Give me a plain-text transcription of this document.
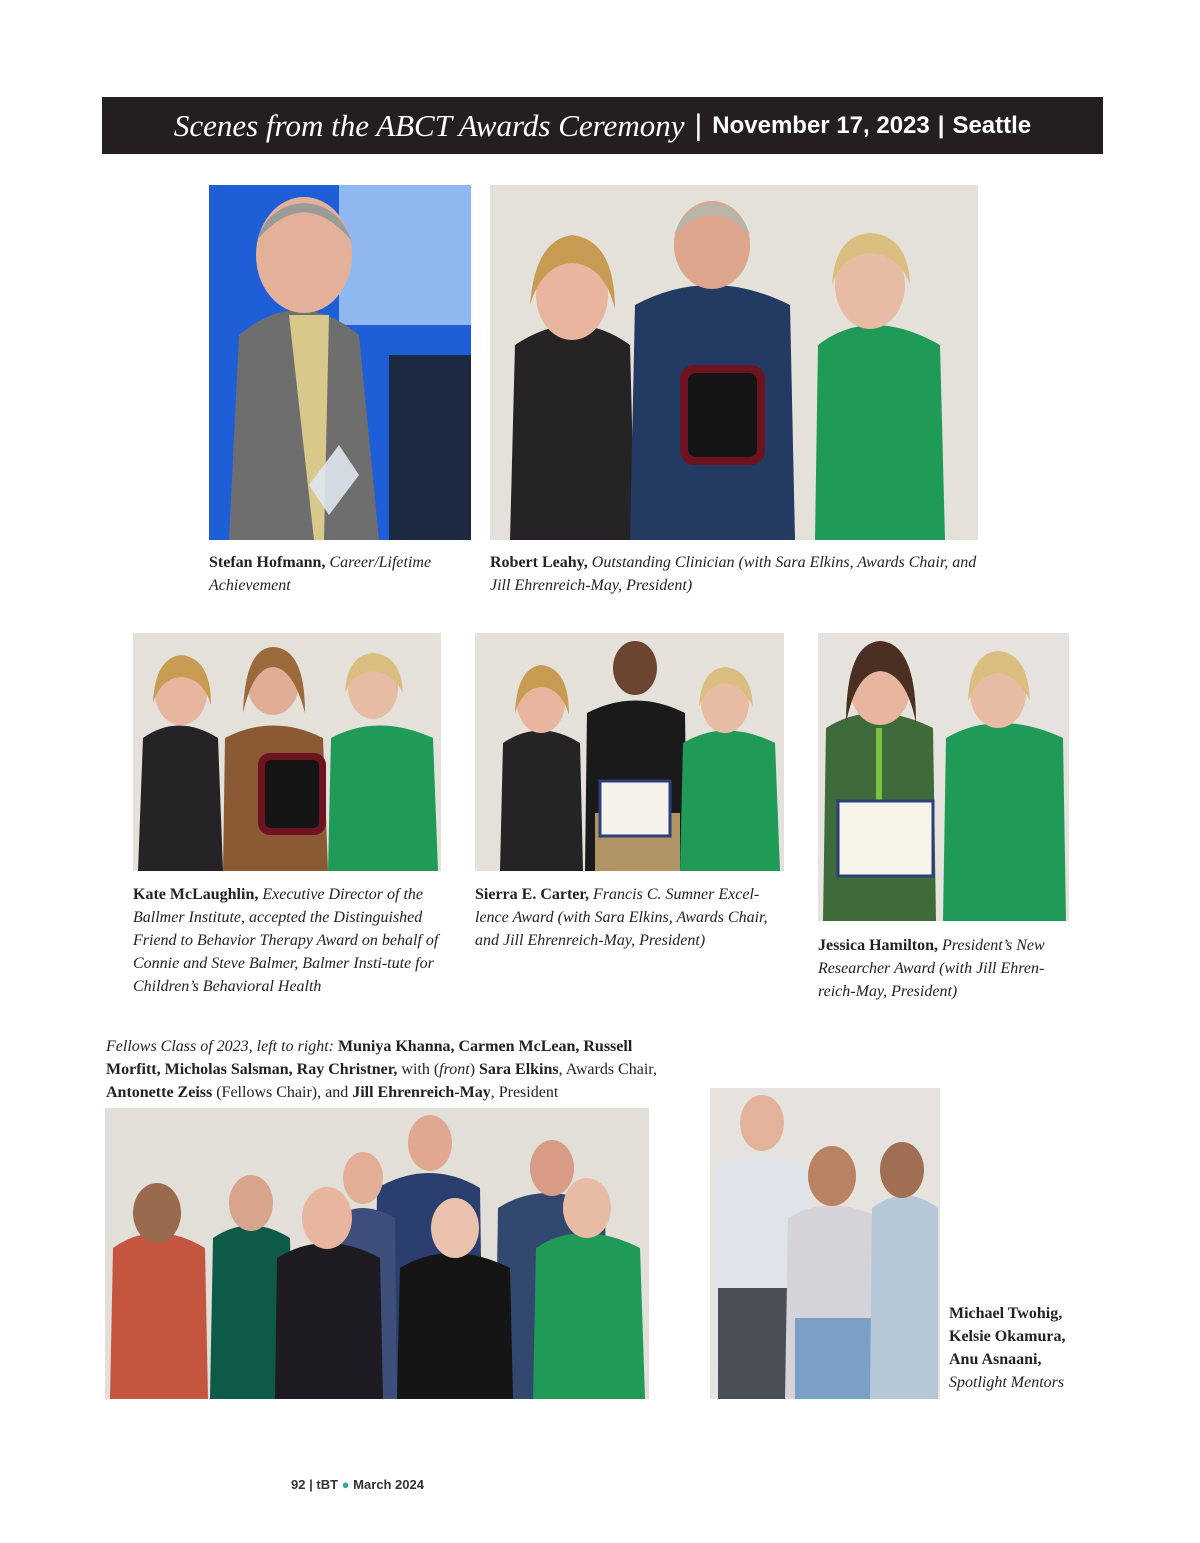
Scenes from the ABCT Awards Ceremony | November 17, 2023 | Seattle
Stefan Hofmann, Career/Lifetime Achievement
Robert Leahy, Outstanding Clinician (with Sara Elkins, Awards Chair, and Jill Ehrenreich-May, President)
Kate McLaughlin, Executive Director of the Ballmer Institute, accepted the Distinguished Friend to Behavior Therapy Award on behalf of Connie and Steve Balmer, Balmer Insti-tute for Children’s Behavioral Health
Sierra E. Carter, Francis C. Sumner Excel-lence Award (with Sara Elkins, Awards Chair, and Jill Ehrenreich-May, President)	Jessica Hamilton, President’s New Researcher Award (with Jill Ehren-reich-May, President)
Fellows Class of 2023, left to right: Muniya Khanna, Carmen McLean, Russell Morfitt, Micholas Salsman, Ray Christner, with (front) Sara Elkins, Awards Chair, Antonette Zeiss (Fellows Chair), and Jill Ehrenreich-May, President
Michael Twohig, Kelsie Okamura, Anu Asnaani, Spotlight Mentors
92 | tBT ● March 2024
